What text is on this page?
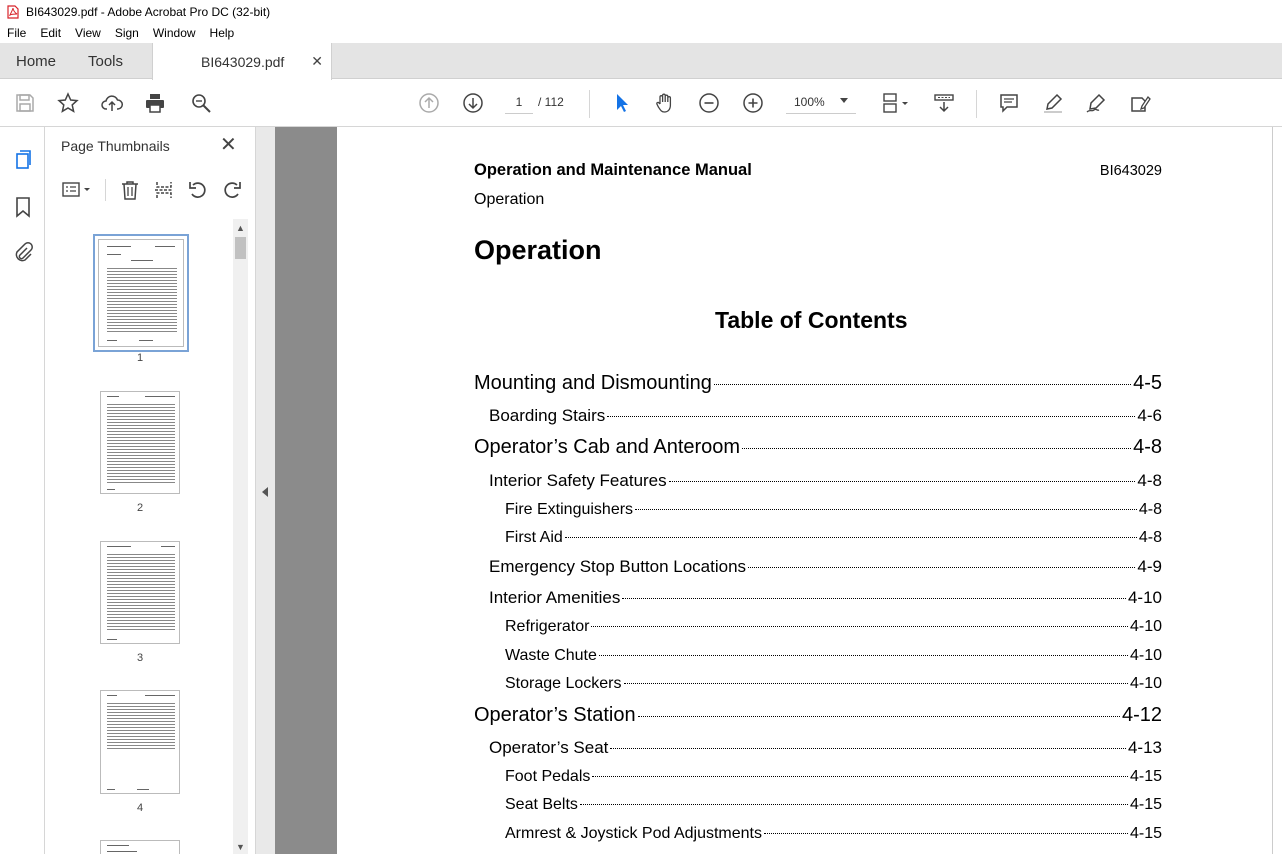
BI643029.pdf - Adobe Acrobat Pro DC (32-bit)
File	Edit	View	Sign	Window	Help
Home Tools	BI643029.pdf ✕
1
/ 112	100%
Page Thumbnails	✕
1
2
3
4
▲
▼
Operation and Maintenance Manual	BI643029
Operation
Operation
Table of Contents
Mounting and Dismounting	4-5
Boarding Stairs	4-6
Operator’s Cab and Anteroom	4-8
Interior Safety Features	4-8
Fire Extinguishers	4-8
First Aid	4-8
Emergency Stop Button Locations	4-9
Interior Amenities	4-10
Refrigerator	4-10
Waste Chute	4-10
Storage Lockers	4-10
Operator’s Station	4-12
Operator’s Seat	4-13
Foot Pedals	4-15
Seat Belts	4-15
Armrest & Joystick Pod Adjustments	4-15
